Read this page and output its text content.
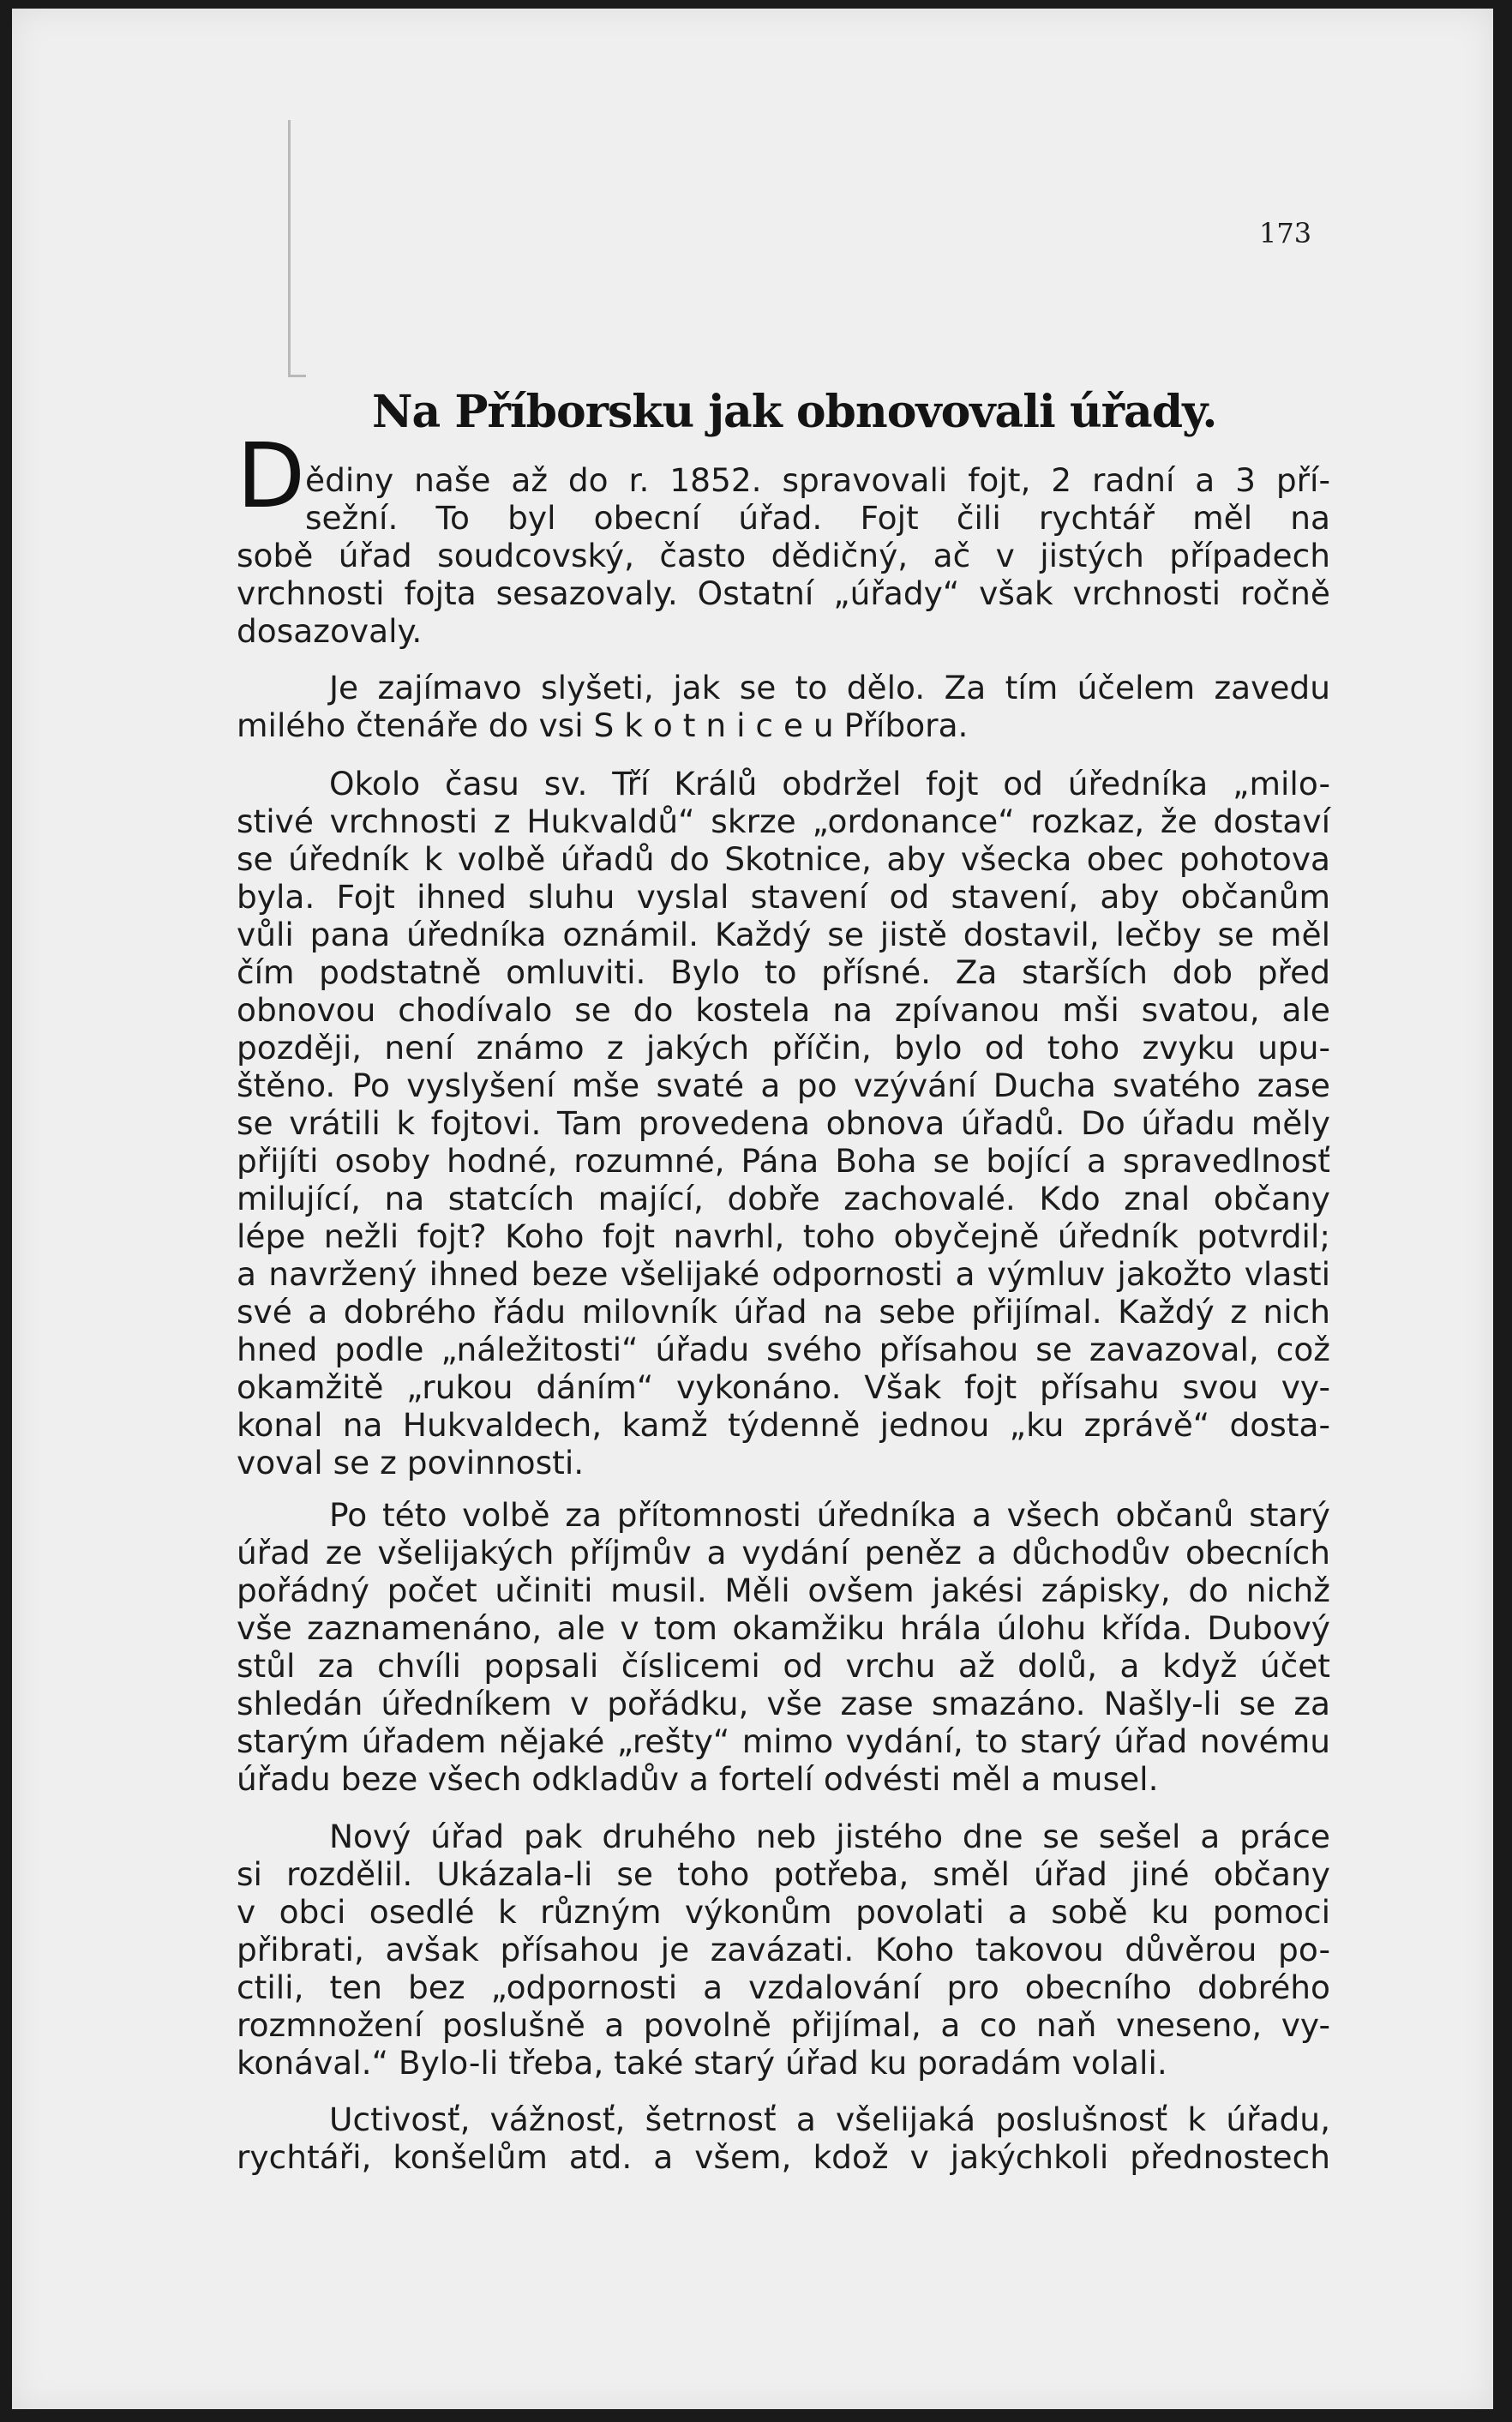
173
Na Příborsku jak obnovovali úřady.
D ědiny naše až do r. 1852. spravovali fojt, 2 radní a 3 pří-
sežní. To byl obecní úřad. Fojt čili rychtář měl na
sobě úřad soudcovský, často dědičný, ač v jistých případech
vrchnosti fojta sesazovaly. Ostatní „úřady“ však vrchnosti ročně
dosazovaly.
Je zajímavo slyšeti, jak se to dělo. Za tím účelem zavedu
milého čtenáře do vsi S k o t n i c e u Příbora.
Okolo času sv. Tří Králů obdržel fojt od úředníka „milo-
stivé vrchnosti z Hukvaldů“ skrze „ordonance“ rozkaz, že dostaví
se úředník k volbě úřadů do Skotnice, aby všecka obec pohotova
byla. Fojt ihned sluhu vyslal stavení od stavení, aby občanům
vůli pana úředníka oznámil. Každý se jistě dostavil, lečby se měl
čím podstatně omluviti. Bylo to přísné. Za starších dob před
obnovou chodívalo se do kostela na zpívanou mši svatou, ale
později, není známo z jakých příčin, bylo od toho zvyku upu-
štěno. Po vyslyšení mše svaté a po vzývání Ducha svatého zase
se vrátili k fojtovi. Tam provedena obnova úřadů. Do úřadu měly
přijíti osoby hodné, rozumné, Pána Boha se bojící a spravedlnosť
milující, na statcích mající, dobře zachovalé. Kdo znal občany
lépe nežli fojt? Koho fojt navrhl, toho obyčejně úředník potvrdil;
a navržený ihned beze všelijaké odpornosti a výmluv jakožto vlasti
své a dobrého řádu milovník úřad na sebe přijímal. Každý z nich
hned podle „náležitosti“ úřadu svého přísahou se zavazoval, což
okamžitě „rukou dáním“ vykonáno. Však fojt přísahu svou vy-
konal na Hukvaldech, kamž týdenně jednou „ku zprávě“ dosta-
voval se z povinnosti.
Po této volbě za přítomnosti úředníka a všech občanů starý
úřad ze všelijakých příjmův a vydání peněz a důchodův obecních
pořádný počet učiniti musil. Měli ovšem jakési zápisky, do nichž
vše zaznamenáno, ale v tom okamžiku hrála úlohu křída. Dubový
stůl za chvíli popsali číslicemi od vrchu až dolů, a když účet
shledán úředníkem v pořádku, vše zase smazáno. Našly-li se za
starým úřadem nějaké „rešty“ mimo vydání, to starý úřad novému
úřadu beze všech odkladův a fortelí odvésti měl a musel.
Nový úřad pak druhého neb jistého dne se sešel a práce
si rozdělil. Ukázala-li se toho potřeba, směl úřad jiné občany
v obci osedlé k různým výkonům povolati a sobě ku pomoci
přibrati, avšak přísahou je zavázati. Koho takovou důvěrou po-
ctili, ten bez „odpornosti a vzdalování pro obecního dobrého
rozmnožení poslušně a povolně přijímal, a co naň vneseno, vy-
konával.“ Bylo-li třeba, také starý úřad ku poradám volali.
Uctivosť, vážnosť, šetrnosť a všelijaká poslušnosť k úřadu,
rychtáři, konšelům atd. a všem, kdož v jakýchkoli přednostech
